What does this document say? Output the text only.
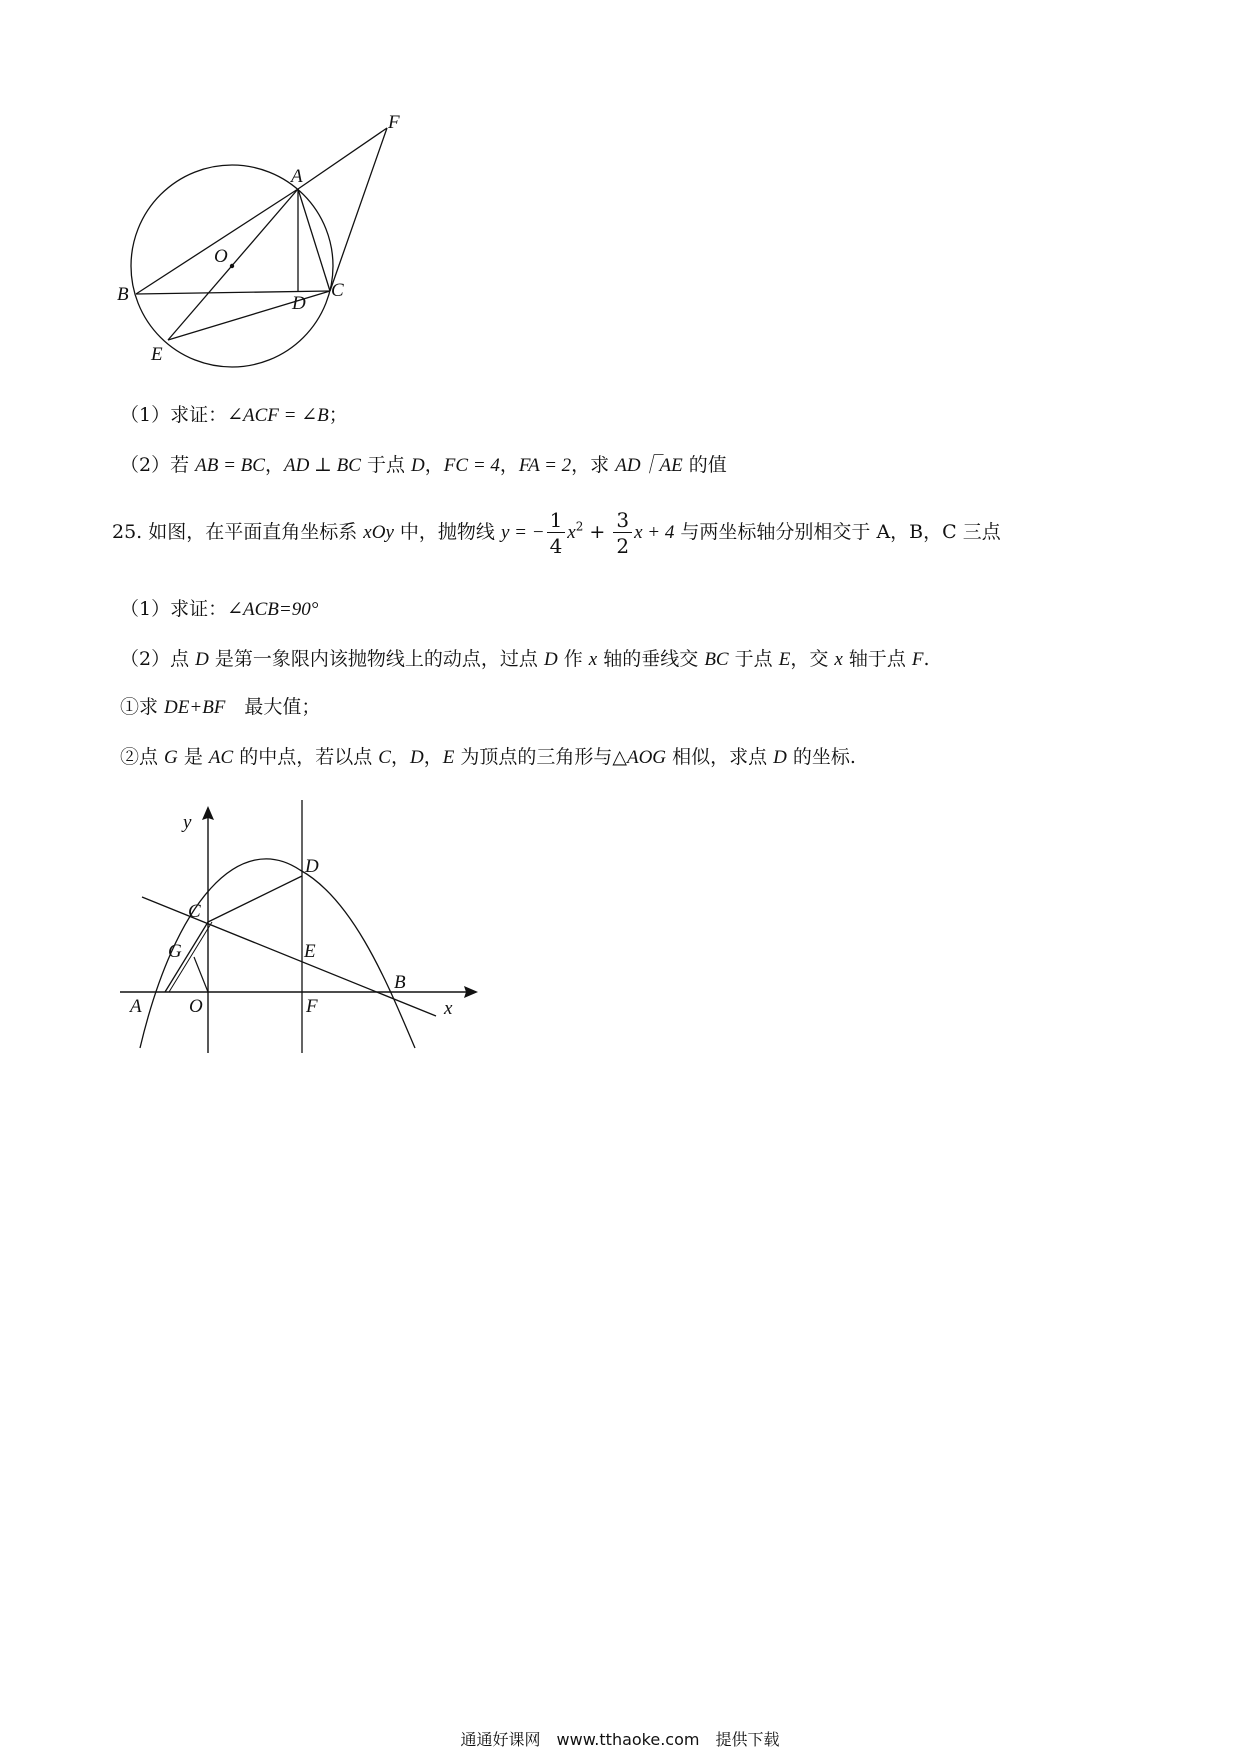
F
A
O
B	D
C
E
（1）求证：∠ACF = ∠B；
（2）若 AB = BC，AD ⊥ BC 于点 D，FC = 4，FA = 2，求 AD⎾AE 的值
25. 如图，在平面直角坐标系 xOy 中，抛物线 y = − $\frac{1}{4} x^2 + \frac{3}{2}$ x + 4 与两坐标轴分别相交于 A，B，C 三点
（1）求证：∠ACB=90°
（2）点 D 是第一象限内该抛物线上的动点，过点 D 作 x 轴的垂线交 BC 于点 E，交 x 轴于点 F.
①求 DE+BF　最大值；
②点 G 是 AC 的中点，若以点 C，D，E 为顶点的三角形与△AOG 相似，求点 D 的坐标.
y
D
C
G	E
B
A O	F	x
通通好课网　www.tthaoke.com　提供下载
